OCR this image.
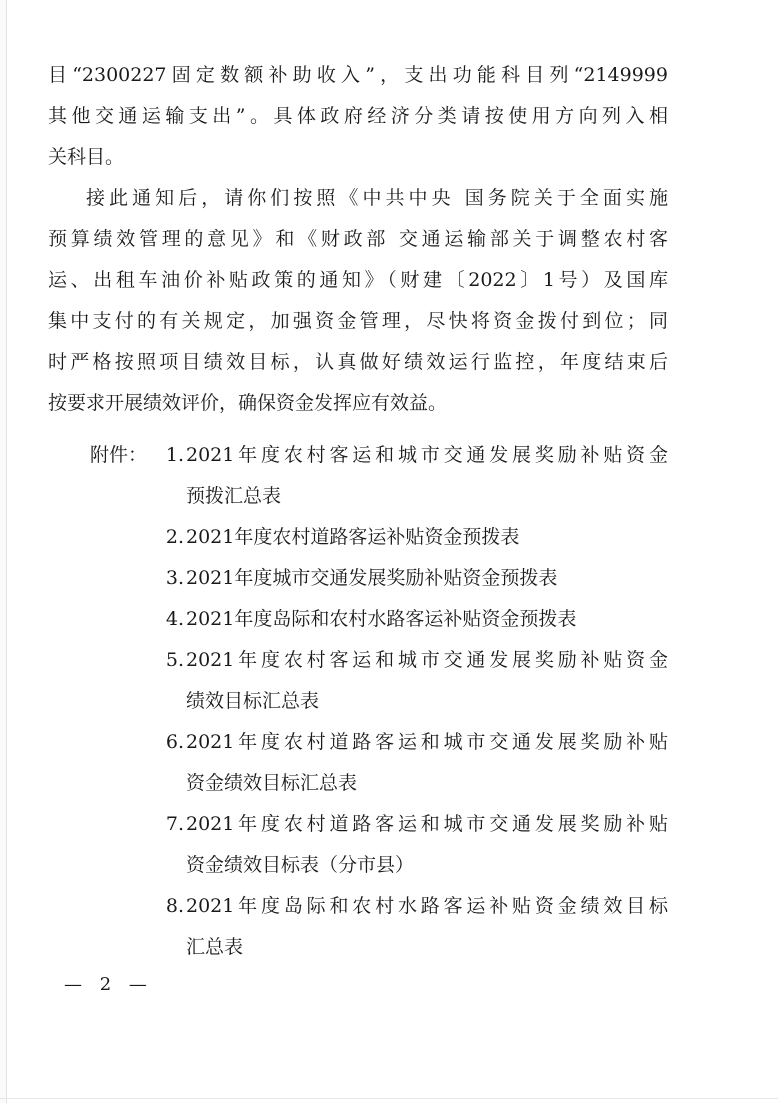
目“2300227固定数额补助收入”，支出功能科目列“2149999
其他交通运输支出”。具体政府经济分类请按使用方向列入相
关科目。
接此通知后，请你们按照《中共中央 国务院关于全面实施
预算绩效管理的意见》和《财政部 交通运输部关于调整农村客
运、出租车油价补贴政策的通知》（财建〔2022〕1号）及国库
集中支付的有关规定，加强资金管理，尽快将资金拨付到位；同
时严格按照项目绩效目标，认真做好绩效运行监控，年度结束后
按要求开展绩效评价，确保资金发挥应有效益。
附件： 1. 2021年度农村客运和城市交通发展奖励补贴资金
预拨汇总表
2. 2021年度农村道路客运补贴资金预拨表
3. 2021年度城市交通发展奖励补贴资金预拨表
4. 2021年度岛际和农村水路客运补贴资金预拨表
5. 2021年度农村客运和城市交通发展奖励补贴资金
绩效目标汇总表
6. 2021年度农村道路客运和城市交通发展奖励补贴
资金绩效目标汇总表
7. 2021年度农村道路客运和城市交通发展奖励补贴
资金绩效目标表（分市县）
8. 2021年度岛际和农村水路客运补贴资金绩效目标
汇总表
— 2 —
